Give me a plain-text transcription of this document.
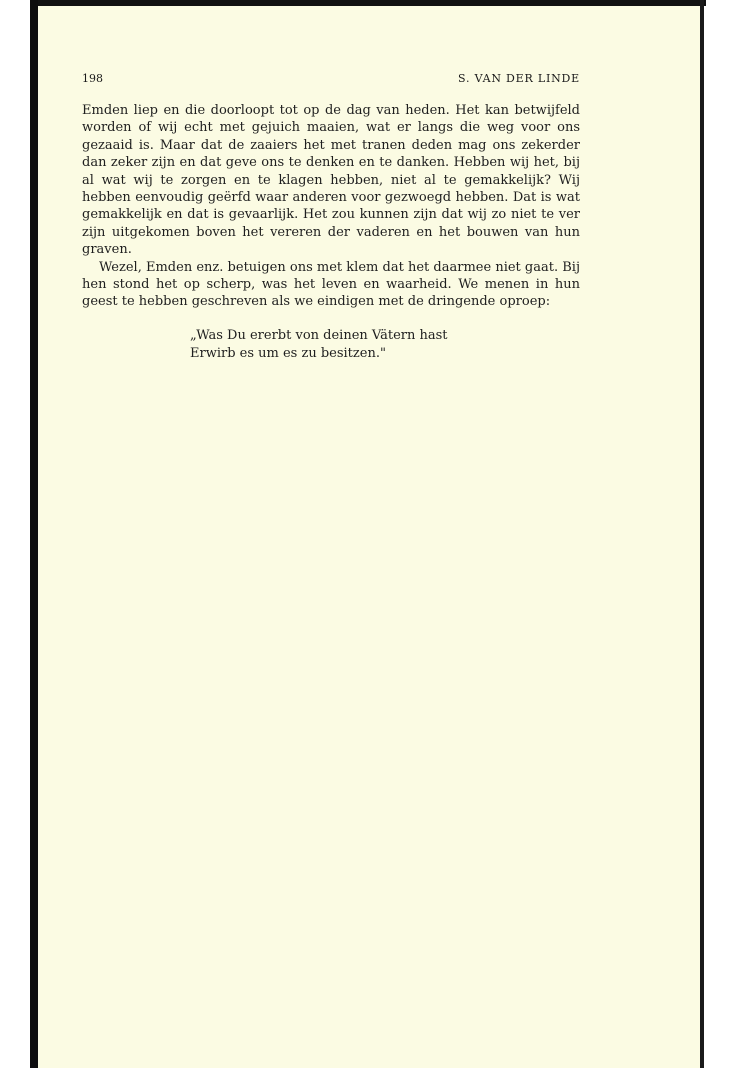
198	S. VAN DER LINDE

Emden liep en die doorloopt tot op de dag van heden. Het kan betwijfeld worden of wij echt met gejuich maaien, wat er langs die weg voor ons gezaaid is. Maar dat de zaaiers het met tranen deden mag ons zekerder dan zeker zijn en dat geve ons te denken en te danken. Hebben wij het, bij al wat wij te zorgen en te klagen hebben, niet al te gemakkelijk? Wij hebben eenvoudig geërfd waar anderen voor gezwoegd hebben. Dat is wat gemakkelijk en dat is gevaarlijk. Het zou kunnen zijn dat wij zo niet te ver zijn uitgekomen boven het vereren der vaderen en het bouwen van hun graven.

Wezel, Emden enz. betuigen ons met klem dat het daarmee niet gaat. Bij hen stond het op scherp, was het leven en waarheid. We menen in hun geest te hebben geschreven als we eindigen met de dringende oproep:

„Was Du ererbt von deinen Vätern hast
Erwirb es um es zu besitzen."
